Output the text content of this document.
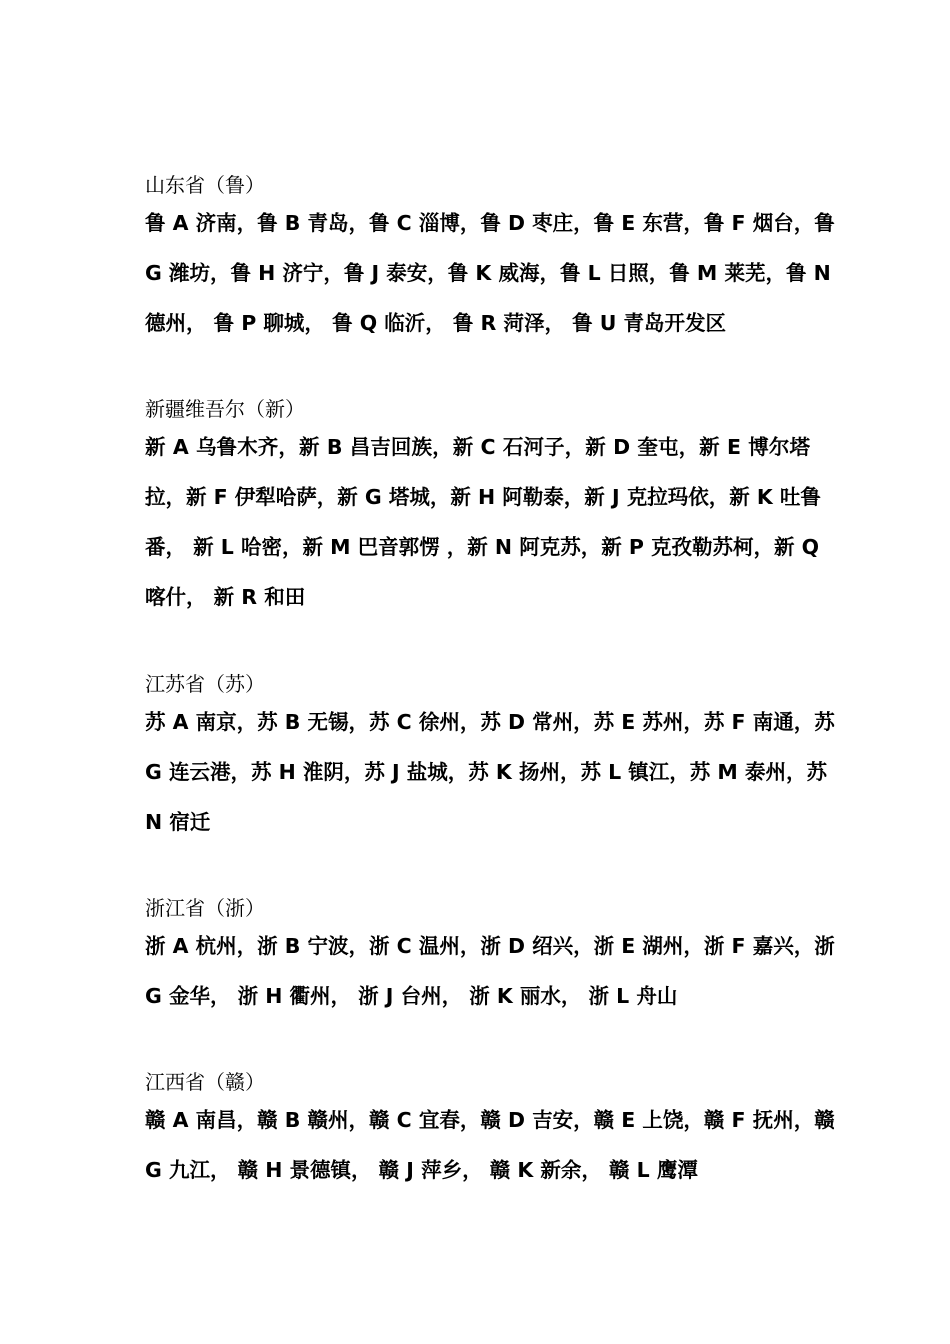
山东省（鲁）
鲁 A 济南，鲁 B 青岛，鲁 C 淄博，鲁 D 枣庄，鲁 E 东营，鲁 F 烟台，鲁
G 潍坊，鲁 H 济宁，鲁 J 泰安，鲁 K 威海，鲁 L 日照，鲁 M 莱芜，鲁 N
德州， 鲁 P 聊城， 鲁 Q 临沂， 鲁 R 菏泽， 鲁 U 青岛开发区
新疆维吾尔（新）
新 A 乌鲁木齐，新 B 昌吉回族，新 C 石河子，新 D 奎屯，新 E 博尔塔
拉，新 F 伊犁哈萨，新 G 塔城，新 H 阿勒泰，新 J 克拉玛依，新 K 吐鲁
番， 新 L 哈密，新 M 巴音郭愣 ，新 N 阿克苏，新 P 克孜勒苏柯，新 Q
喀什， 新 R 和田
江苏省（苏）
苏 A 南京，苏 B 无锡，苏 C 徐州，苏 D 常州，苏 E 苏州，苏 F 南通，苏
G 连云港，苏 H 淮阴，苏 J 盐城，苏 K 扬州，苏 L 镇江，苏 M 泰州，苏
N 宿迁
浙江省（浙）
浙 A 杭州，浙 B 宁波，浙 C 温州，浙 D 绍兴，浙 E 湖州，浙 F 嘉兴，浙
G 金华， 浙 H 衢州， 浙 J 台州， 浙 K 丽水， 浙 L 舟山
江西省（赣）
赣 A 南昌，赣 B 赣州，赣 C 宜春，赣 D 吉安，赣 E 上饶，赣 F 抚州，赣
G 九江， 赣 H 景德镇， 赣 J 萍乡， 赣 K 新余， 赣 L 鹰潭
